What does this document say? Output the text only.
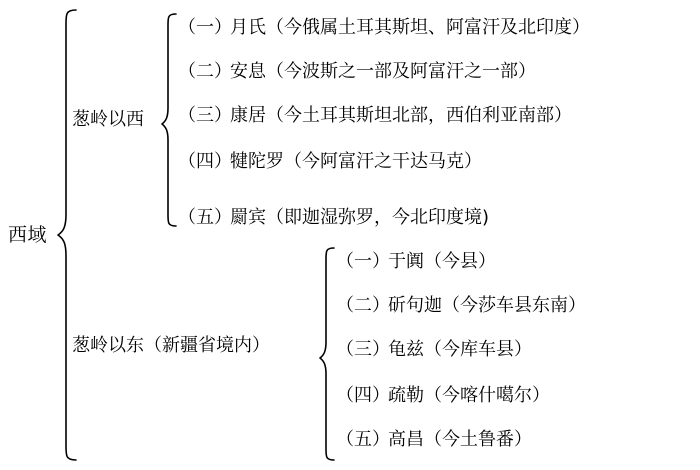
西域
葱岭以西
（一）月氏（今俄属土耳其斯坦、阿富汗及北印度）
（二）安息（今波斯之一部及阿富汗之一部）
（三）康居（今土耳其斯坦北部，西伯利亚南部）
（四）犍陀罗（今阿富汗之干达马克）
（五）罽宾（即迦湿弥罗，今北印度境)
葱岭以东（新疆省境内）
（一）于阗（今县）
（二）斫句迦（今莎车县东南）
（三）龟兹（今库车县）
（四）疏勒（今喀什噶尔）
（五）高昌（今土鲁番）
